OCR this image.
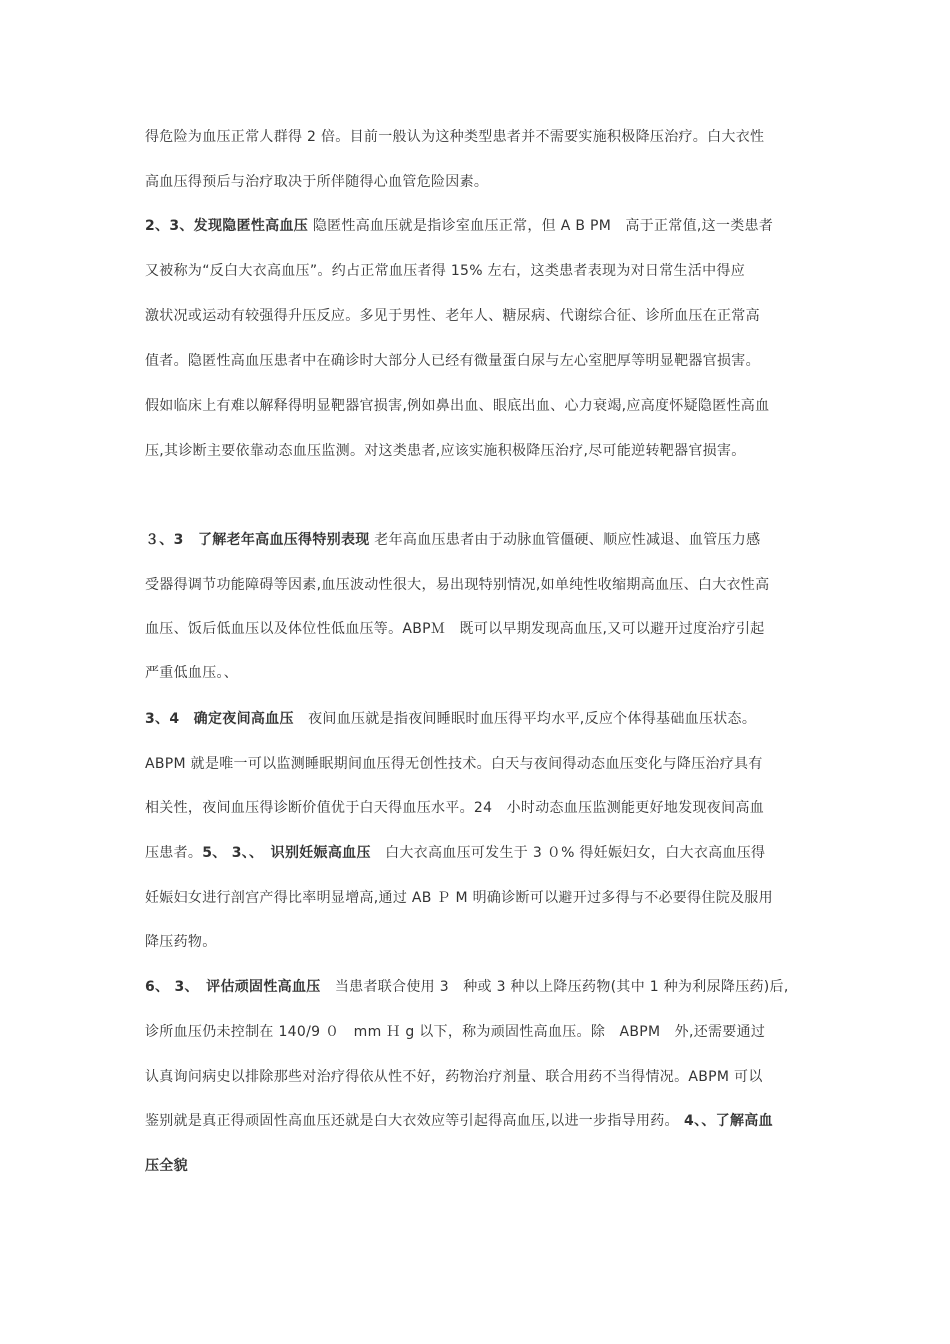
得危险为血压正常人群得 2 倍。目前一般认为这种类型患者并不需要实施积极降压治疗。白大衣性
高血压得预后与治疗取决于所伴随得心血管危险因素。
2、3、发现隐匿性高血压 隐匿性高血压就是指诊室血压正常，但 A B PM　高于正常值,这一类患者
又被称为“反白大衣高血压”。约占正常血压者得 15% 左右，这类患者表现为对日常生活中得应
激状况或运动有较强得升压反应。多见于男性、老年人、糖尿病、代谢综合征、诊所血压在正常高
值者。隐匿性高血压患者中在确诊时大部分人已经有微量蛋白尿与左心室肥厚等明显靶器官损害。
假如临床上有难以解释得明显靶器官损害,例如鼻出血、眼底出血、心力衰竭,应高度怀疑隐匿性高血
压,其诊断主要依靠动态血压监测。对这类患者,应该实施积极降压治疗,尽可能逆转靶器官损害。
３、3　了解老年高血压得特别表现 老年高血压患者由于动脉血管僵硬、顺应性减退、血管压力感
受器得调节功能障碍等因素,血压波动性很大，易出现特别情况,如单纯性收缩期高血压、白大衣性高
血压、饭后低血压以及体位性低血压等。ABPＭ　既可以早期发现高血压,又可以避开过度治疗引起
严重低血压。、
3、4　确定夜间高血压　夜间血压就是指夜间睡眠时血压得平均水平,反应个体得基础血压状态。
ABPM 就是唯一可以监测睡眠期间血压得无创性技术。白天与夜间得动态血压变化与降压治疗具有
相关性，夜间血压得诊断价值优于白天得血压水平。24　小时动态血压监测能更好地发现夜间高血
压患者。5、 3、、　识别妊娠高血压　白大衣高血压可发生于 3 ０% 得妊娠妇女，白大衣高血压得
妊娠妇女进行剖宫产得比率明显增高,通过 AB Ｐ M 明确诊断可以避开过多得与不必要得住院及服用
降压药物。
6、 3、　评估顽固性高血压　当患者联合使用 3　种或 3 种以上降压药物(其中 1 种为利尿降压药)后,
诊所血压仍未控制在 140/9 ０　mm Ｈ g 以下，称为顽固性高血压。除　ABPM　外,还需要通过
认真询问病史以排除那些对治疗得依从性不好，药物治疗剂量、联合用药不当得情况。ABPM 可以
鉴别就是真正得顽固性高血压还就是白大衣效应等引起得高血压,以进一步指导用药。 4、、了解高血
压全貌
